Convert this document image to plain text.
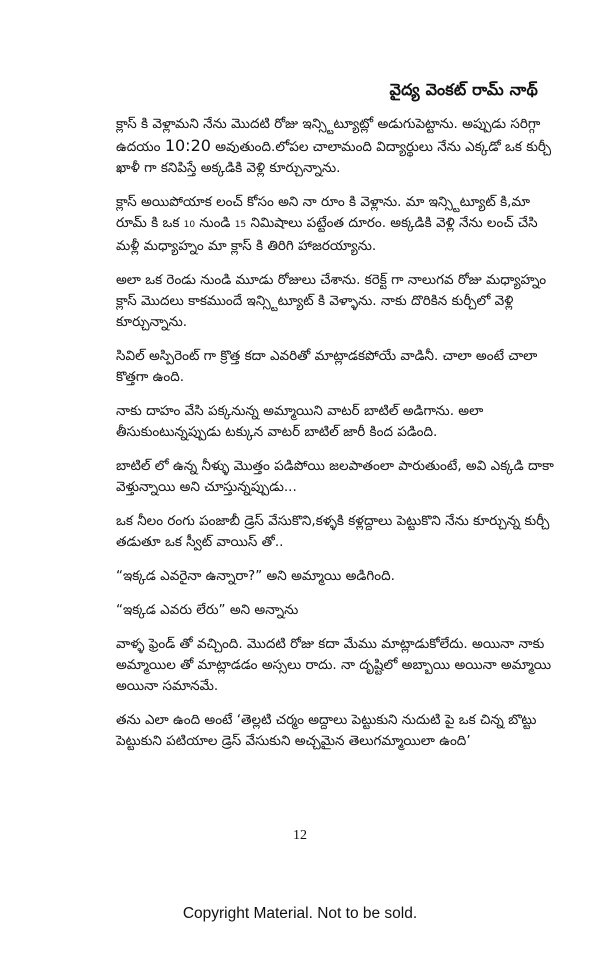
వైద్య వెంకట్ రామ్ నాథ్

క్లాస్ కి వెళ్లామని నేను మొదటి రోజు ఇన్స్టిట్యూట్లో అడుగుపెట్టాను. అప్పుడు సరిగ్గా ఉదయం 10:20 అవుతుంది.లోపల చాలామంది విద్యార్థులు నేను ఎక్కడో ఒక కుర్చీ ఖాళీ గా కనిపిస్తే అక్కడికి వెళ్లి కూర్చున్నాను.

క్లాస్ అయిపోయాక లంచ్ కోసం అని నా రూం కి వెళ్లాను. మా ఇన్స్టిట్యూట్ కి,మా రూమ్ కి ఒక 10 నుండి 15 నిమిషాలు పట్టేంత దూరం. అక్కడికి వెళ్లి నేను లంచ్ చేసి మళ్లీ మధ్యాహ్నం మా క్లాస్ కి తిరిగి హాజరయ్యాను.

అలా ఒక రెండు నుండి మూడు రోజులు చేశాను. కరెక్ట్ గా నాలుగవ రోజు మధ్యాహ్నం క్లాస్ మొదలు కాకముందే ఇన్స్టిట్యూట్ కి వెళ్ళాను. నాకు దొరికిన కుర్చీలో వెళ్లి కూర్చున్నాను.

సివిల్ అస్పిరెంట్ గా క్రొత్త కదా ఎవరితో మాట్లాడకపోయే వాడినీ. చాలా అంటే చాలా కొత్తగా ఉంది.

నాకు దాహం వేసి పక్కనున్న అమ్మాయిని వాటర్ బాటిల్ అడిగాను. అలా తీసుకుంటున్నప్పుడు టక్కున వాటర్ బాటిల్ జారీ కింద పడింది.

బాటిల్ లో ఉన్న నీళ్ళు మొత్తం పడిపోయి జలపాతంలా పారుతుంటే, అవి ఎక్కడి దాకా వెళ్తున్నాయి అని చూస్తున్నప్పుడు...

ఒక నీలం రంగు పంజాబీ డ్రెస్ వేసుకొని,కళ్ళకి కళ్లద్దాలు పెట్టుకొని నేను కూర్చున్న కుర్చీ తడుతూ ఒక స్వీట్ వాయిస్ తో..

“ఇక్కడ ఎవరైనా ఉన్నారా?” అని అమ్మాయి అడిగింది.

“ఇక్కడ ఎవరు లేరు” అని అన్నాను

వాళ్ళ ఫ్రెండ్ తో వచ్చింది. మొదటి రోజు కదా మేము మాట్లాడుకోలేదు. అయినా నాకు అమ్మాయిల తో మాట్లాడడం అస్సలు రాదు. నా దృష్టిలో అబ్బాయి అయినా అమ్మాయి అయినా సమానమే.

తను ఎలా ఉంది అంటే ‘తెల్లటి చర్మం అద్దాలు పెట్టుకుని నుదుటి పై ఒక చిన్న బొట్టు పెట్టుకుని పటియాల డ్రెస్ వేసుకుని అచ్చమైన తెలుగమ్మాయిలా ఉంది’

12
Copyright Material. Not to be sold.
